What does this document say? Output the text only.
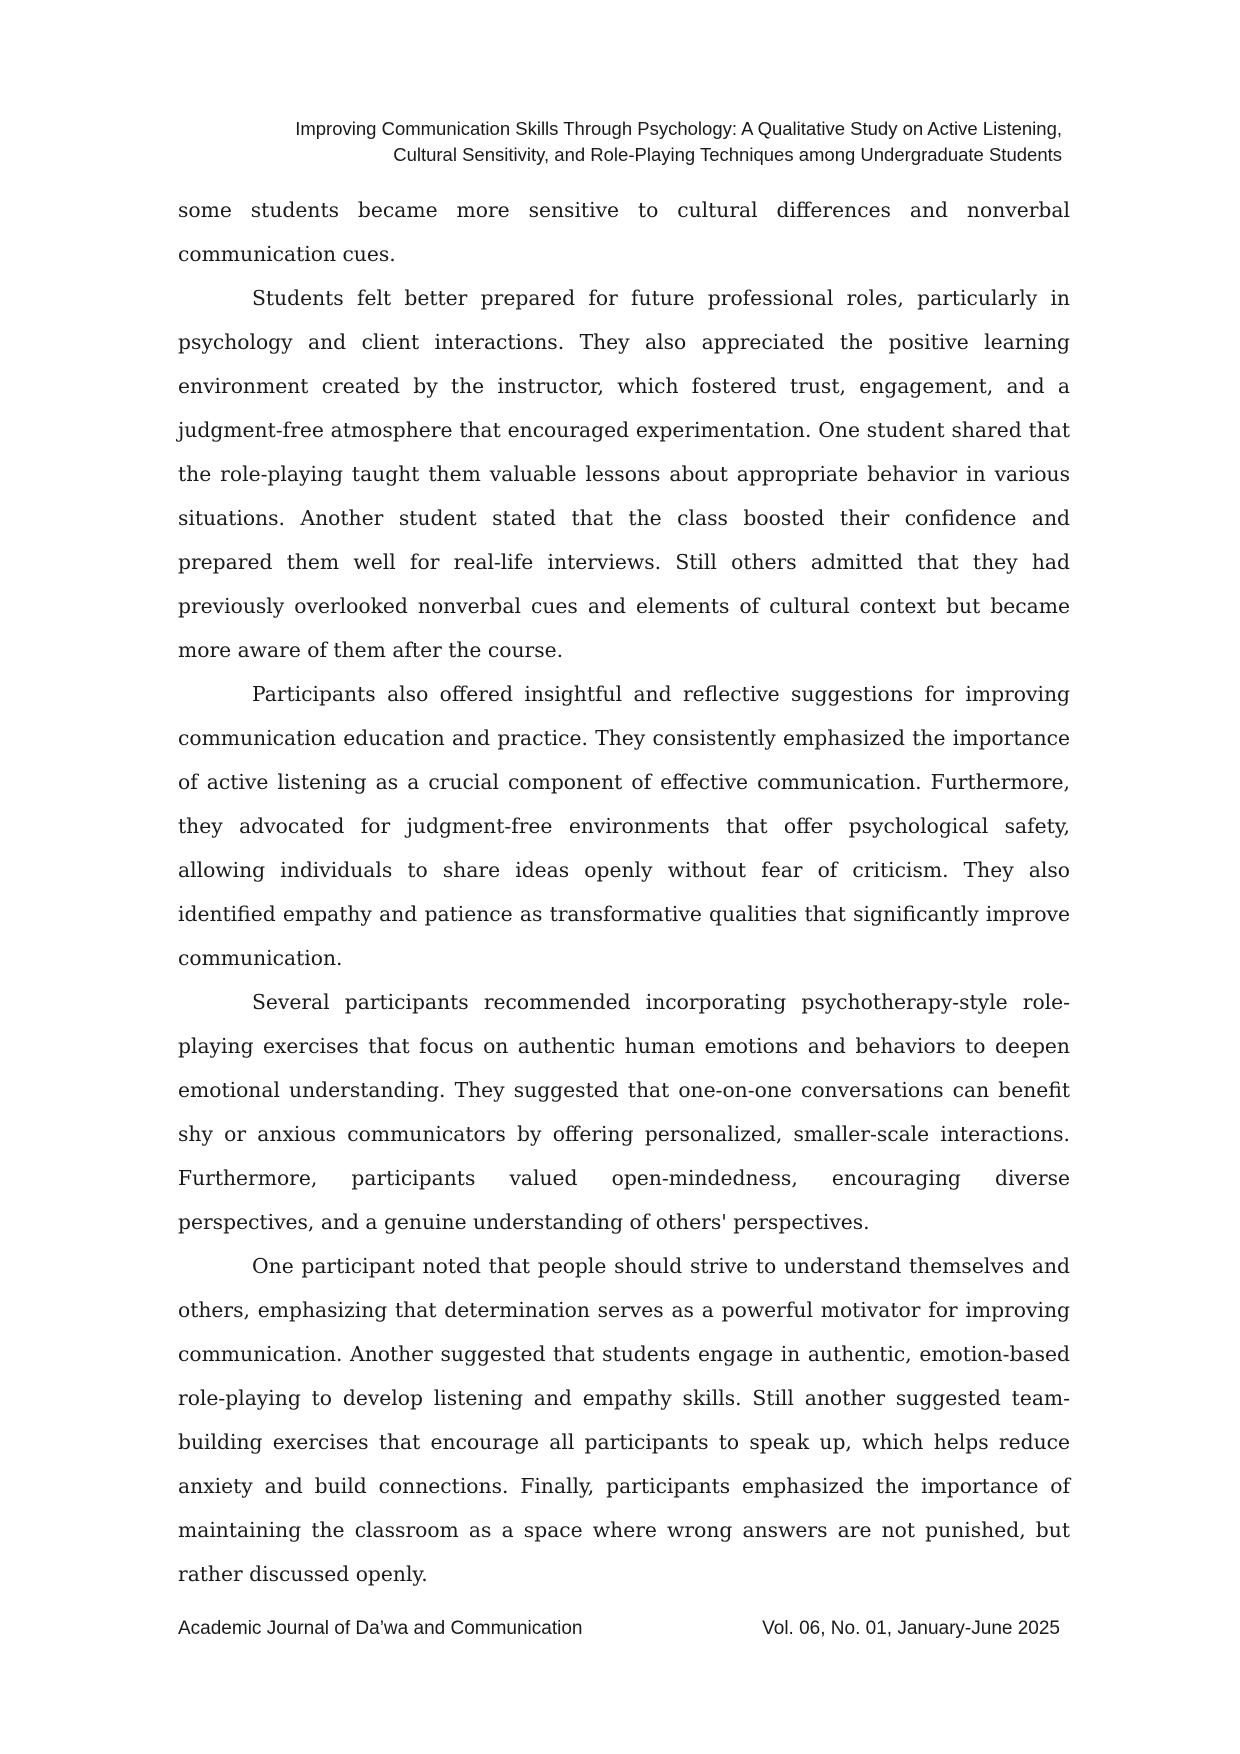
Improving Communication Skills Through Psychology: A Qualitative Study on Active Listening,
Cultural Sensitivity, and Role-Playing Techniques among Undergraduate Students

some students became more sensitive to cultural differences and nonverbal communication cues.

Students felt better prepared for future professional roles, particularly in psychology and client interactions. They also appreciated the positive learning environment created by the instructor, which fostered trust, engagement, and a judgment-free atmosphere that encouraged experimentation. One student shared that the role-playing taught them valuable lessons about appropriate behavior in various situations. Another student stated that the class boosted their confidence and prepared them well for real-life interviews. Still others admitted that they had previously overlooked nonverbal cues and elements of cultural context but became more aware of them after the course.

Participants also offered insightful and reflective suggestions for improving communication education and practice. They consistently emphasized the importance of active listening as a crucial component of effective communication. Furthermore, they advocated for judgment-free environments that offer psychological safety, allowing individuals to share ideas openly without fear of criticism. They also identified empathy and patience as transformative qualities that significantly improve communication.

Several participants recommended incorporating psychotherapy-style role-playing exercises that focus on authentic human emotions and behaviors to deepen emotional understanding. They suggested that one-on-one conversations can benefit shy or anxious communicators by offering personalized, smaller-scale interactions. Furthermore, participants valued open-mindedness, encouraging diverse perspectives, and a genuine understanding of others' perspectives.

One participant noted that people should strive to understand themselves and others, emphasizing that determination serves as a powerful motivator for improving communication. Another suggested that students engage in authentic, emotion-based role-playing to develop listening and empathy skills. Still another suggested team-building exercises that encourage all participants to speak up, which helps reduce anxiety and build connections. Finally, participants emphasized the importance of maintaining the classroom as a space where wrong answers are not punished, but rather discussed openly.

Academic Journal of Da’wa and Communication	Vol. 06, No. 01, January-June 2025
